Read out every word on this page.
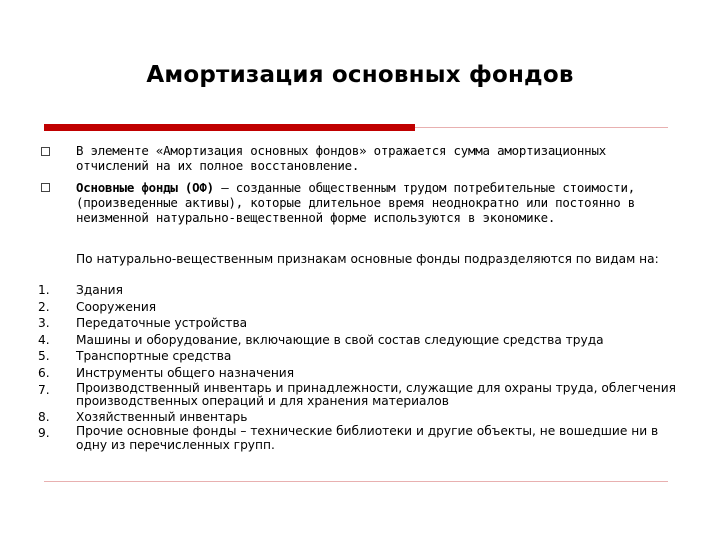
Амортизация основных фондов
В элементе «Амортизация основных фондов» отражается сумма амортизационных отчислений на их полное восстановление.
Основные фонды (ОФ) – созданные общественным трудом потребительные стоимости, (произведенные активы), которые длительное время неоднократно или постоянно в неизменной натурально-вещественной форме используются в экономике.
По натурально-вещественным признакам основные фонды подразделяются по видам на:
1.	Здания
2.	Сооружения
3.	Передаточные устройства
4.	Машины и оборудование, включающие в свой состав следующие средства труда
5.	Транспортные средства
6.	Инструменты общего назначения
7.	Производственный инвентарь и принадлежности, служащие для охраны труда, облегчения производственных операций и для хранения материалов
8.	Хозяйственный инвентарь
9.	Прочие основные фонды – технические библиотеки и другие объекты, не вошедшие ни в одну из перечисленных групп.
